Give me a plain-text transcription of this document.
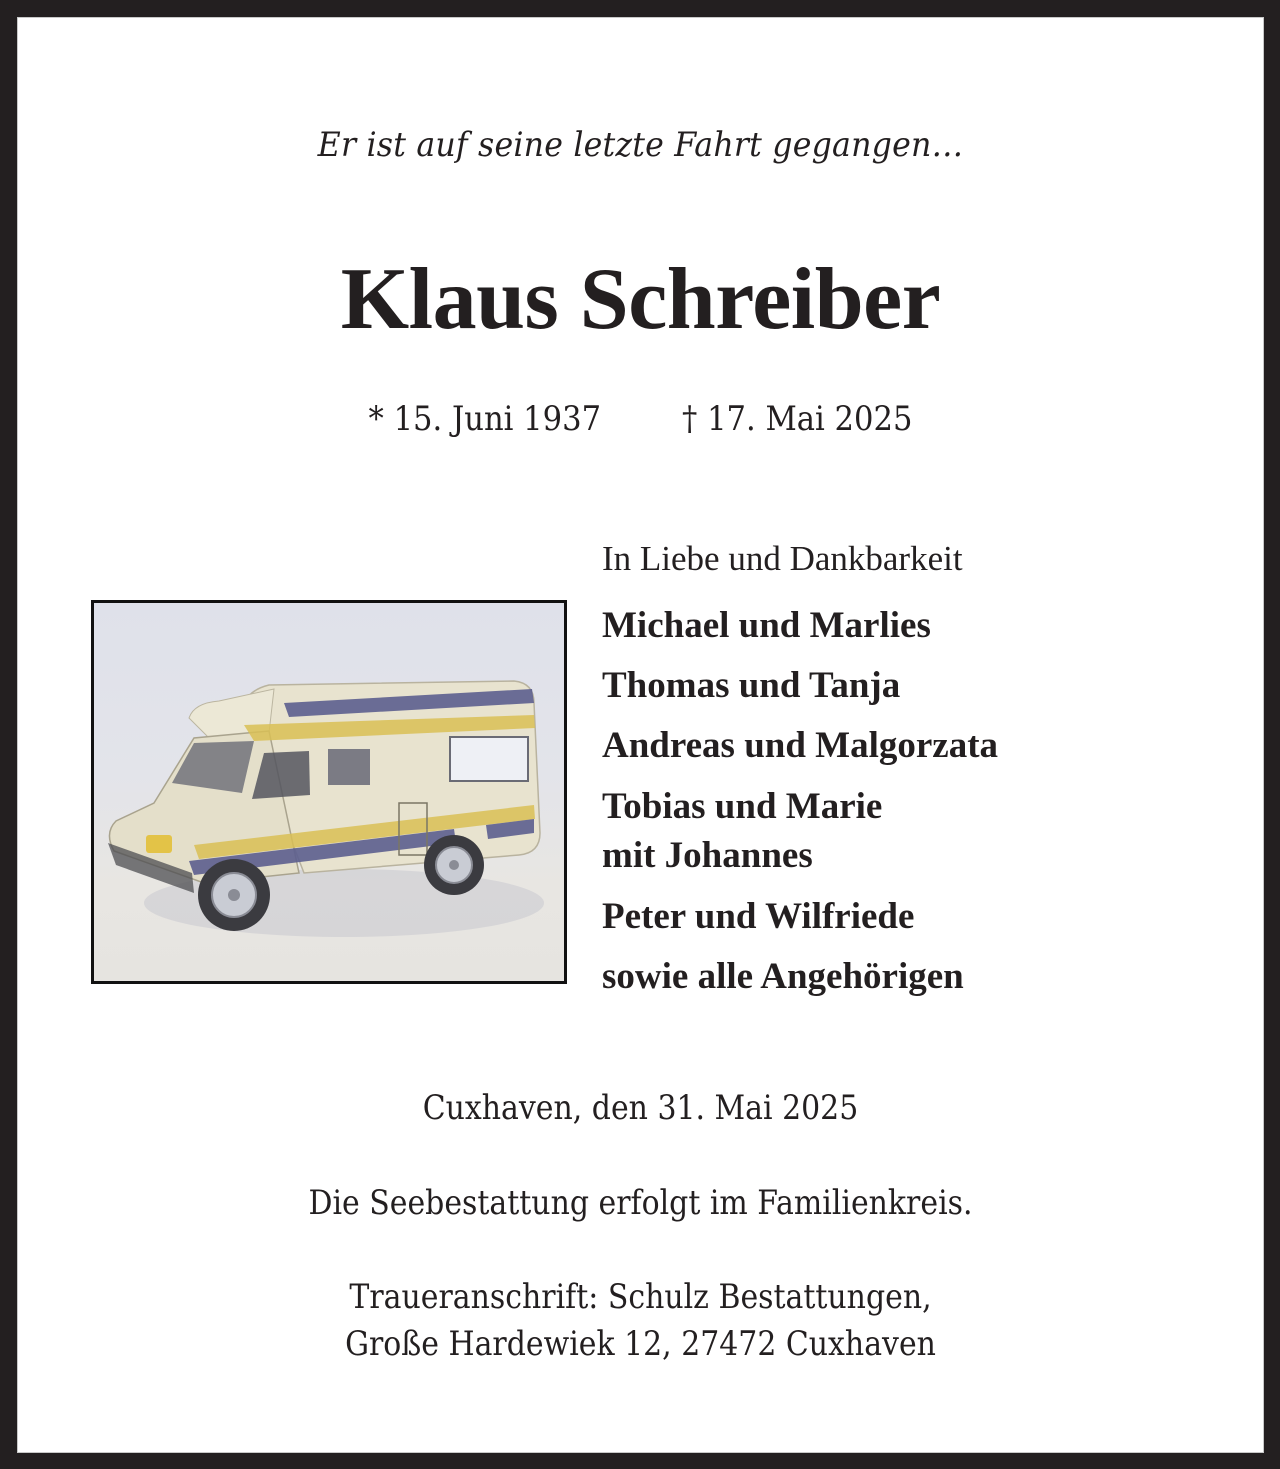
Er ist auf seine letzte Fahrt gegangen…
Klaus Schreiber
* 15. Juni 1937 † 17. Mai 2025
In Liebe und Dankbarkeit
Michael und Marlies
Thomas und Tanja
Andreas und Malgorzata
Tobias und Marie
mit Johannes
Peter und Wilfriede
sowie alle Angehörigen
Cuxhaven, den 31. Mai 2025
Die Seebestattung erfolgt im Familienkreis.
Traueranschrift: Schulz Bestattungen,
Große Hardewiek 12, 27472 Cuxhaven
